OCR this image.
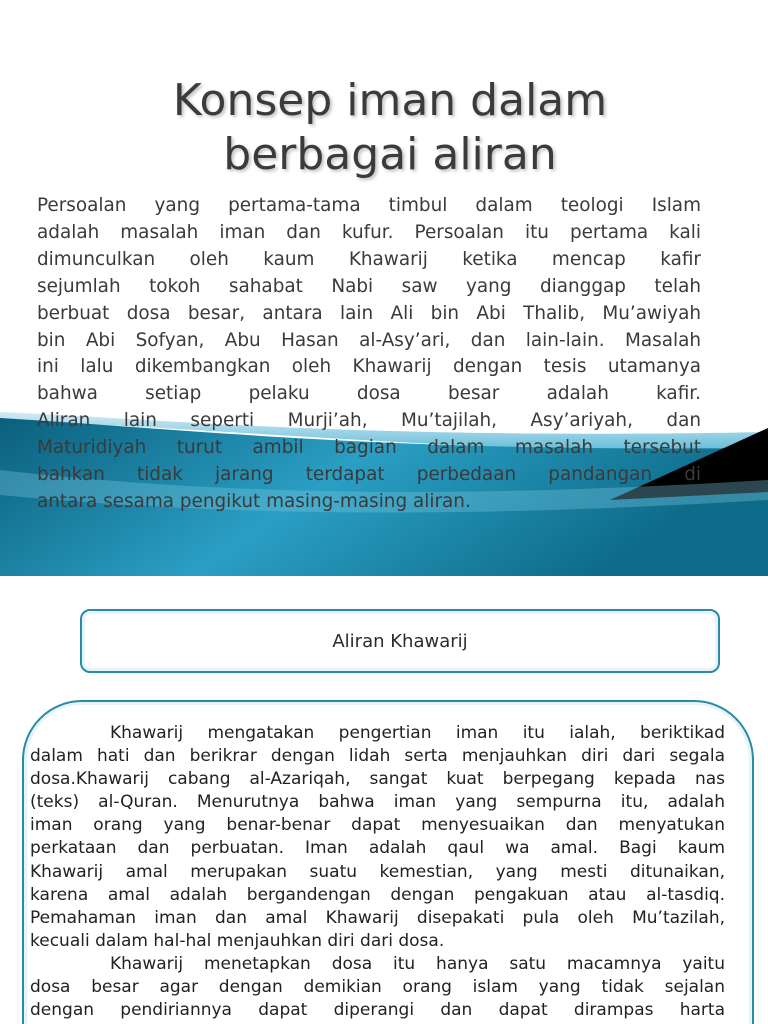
Konsep iman dalam
berbagai aliran

Persoalan yang pertama-tama timbul dalam teologi Islam
adalah masalah iman dan kufur. Persoalan itu pertama kali
dimunculkan oleh kaum Khawarij ketika mencap kafir
sejumlah tokoh sahabat Nabi saw yang dianggap telah
berbuat dosa besar, antara lain Ali bin Abi Thalib, Mu’awiyah
bin Abi Sofyan, Abu Hasan al-Asy’ari, dan lain-lain. Masalah
ini lalu dikembangkan oleh Khawarij dengan tesis utamanya
bahwa setiap pelaku dosa besar adalah kafir.
Aliran lain seperti Murji’ah, Mu’tajilah, Asy’ariyah, dan
Maturidiyah turut ambil bagian dalam masalah tersebut
bahkan tidak jarang terdapat perbedaan pandangan di
antara sesama pengikut masing-masing aliran.

Aliran Khawarij

Khawarij mengatakan pengertian iman itu ialah, beriktikad
dalam hati dan berikrar dengan lidah serta menjauhkan diri dari segala
dosa.Khawarij cabang al-Azariqah, sangat kuat berpegang kepada nas
(teks) al-Quran. Menurutnya bahwa iman yang sempurna itu, adalah
iman orang yang benar-benar dapat menyesuaikan dan menyatukan
perkataan dan perbuatan. Iman adalah qaul wa amal. Bagi kaum
Khawarij amal merupakan suatu kemestian, yang mesti ditunaikan,
karena amal adalah bergandengan dengan pengakuan atau al-tasdiq.
Pemahaman iman dan amal Khawarij disepakati pula oleh Mu’tazilah,
kecuali dalam hal-hal menjauhkan diri dari dosa.
Khawarij menetapkan dosa itu hanya satu macamnya yaitu
dosa besar agar dengan demikian orang islam yang tidak sejalan
dengan pendiriannya dapat diperangi dan dapat dirampas harta
